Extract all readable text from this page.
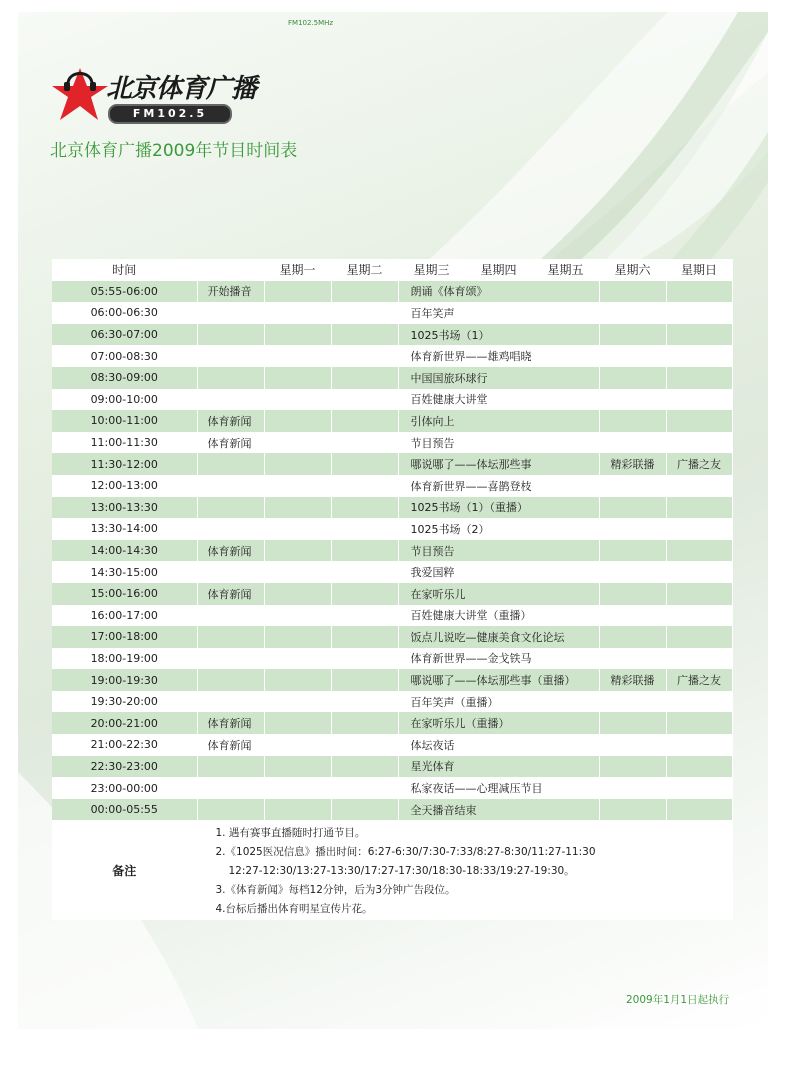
FM102.5MHz
北京体育广播
FM102.5
北京体育广播2009年节目时间表
时间		星期一	星期二	星期三	星期四	星期五	星期六	星期日
05:55-06:00	开始播音			朗诵《体育颂》				
06:00-06:30				百年笑声				
06:30-07:00				1025书场（1）				
07:00-08:30				体育新世界——雄鸡唱晓				
08:30-09:00				中国国旅环球行				
09:00-10:00				百姓健康大讲堂				
10:00-11:00	体育新闻			引体向上				
11:00-11:30	体育新闻			节目预告				
11:30-12:00				哪说哪了——体坛那些事			精彩联播	广播之友
12:00-13:00				体育新世界——喜鹊登枝				
13:00-13:30				1025书场（1）（重播）				
13:30-14:00				1025书场（2）				
14:00-14:30	体育新闻			节目预告				
14:30-15:00				我爱国粹				
15:00-16:00	体育新闻			在家听乐儿				
16:00-17:00				百姓健康大讲堂（重播）				
17:00-18:00				饭点儿说吃—健康美食文化论坛				
18:00-19:00				体育新世界——金戈铁马				
19:00-19:30				哪说哪了——体坛那些事（重播）			精彩联播	广播之友
19:30-20:00				百年笑声（重播）				
20:00-21:00	体育新闻			在家听乐儿（重播）				
21:00-22:30	体育新闻			体坛夜话				
22:30-23:00				星光体育				
23:00-00:00				私家夜话——心理减压节目				
00:00-05:55				全天播音结束				
备注	1. 遇有赛事直播随时打通节目。
2.《1025医况信息》播出时间：6:27-6:30/7:30-7:33/8:27-8:30/11:27-11:30
12:27-12:30/13:27-13:30/17:27-17:30/18:30-18:33/19:27-19:30。
3.《体育新闻》每档12分钟，后为3分钟广告段位。
4.台标后播出体育明星宣传片花。							
2009年1月1日起执行
